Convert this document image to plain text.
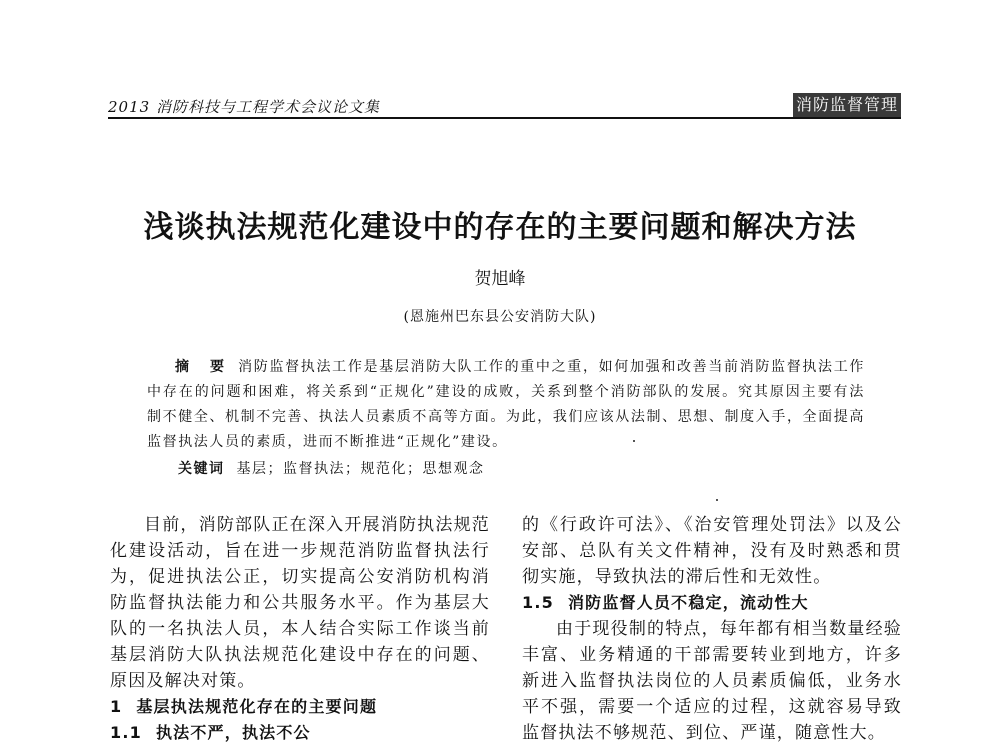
2013 消防科技与工程学术会议论文集	消防监督管理
浅谈执法规范化建设中的存在的主要问题和解决方法
贺旭峰
(恩施州巴东县公安消防大队)
摘 要 消防监督执法工作是基层消防大队工作的重中之重，如何加强和改善当前消防监督执法工作中存在的问题和困难，将关系到“正规化”建设的成败，关系到整个消防部队的发展。究其原因主要有法制不健全、机制不完善、执法人员素质不高等方面。为此，我们应该从法制、思想、制度入手，全面提高监督执法人员的素质，进而不断推进“正规化”建设。
关键词 基层；监督执法；规范化；思想观念

目前，消防部队正在深入开展消防执法规范化建设活动，旨在进一步规范消防监督执法行为，促进执法公正，切实提高公安消防机构消防监督执法能力和公共服务水平。作为基层大队的一名执法人员，本人结合实际工作谈当前基层消防大队执法规范化建设中存在的问题、原因及解决对策。

1 基层执法规范化存在的主要问题

1.1 执法不严，执法不公

的《行政许可法》、《治安管理处罚法》以及公安部、总队有关文件精神，没有及时熟悉和贯彻实施，导致执法的滞后性和无效性。

1.5 消防监督人员不稳定，流动性大

由于现役制的特点，每年都有相当数量经验丰富、业务精通的干部需要转业到地方，许多新进入监督执法岗位的人员素质偏低，业务水平不强，需要一个适应的过程，这就容易导致监督执法不够规范、到位、严谨，随意性大。
